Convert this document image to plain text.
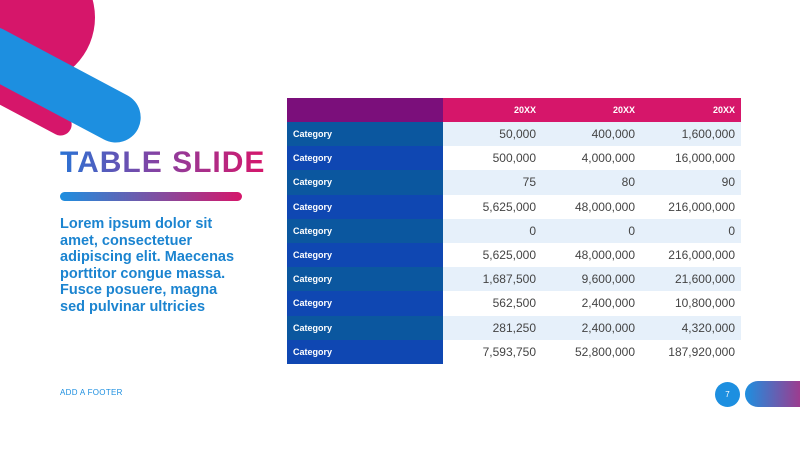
TABLE SLIDE

Lorem ipsum dolor sit amet, consectetuer adipiscing elit. Maecenas porttitor congue massa. Fusce posuere, magna sed pulvinar ultricies

	20XX	20XX	20XX
Category	50,000	400,000	1,600,000
Category	500,000	4,000,000	16,000,000
Category	75	80	90
Category	5,625,000	48,000,000	216,000,000
Category	0	0	0
Category	5,625,000	48,000,000	216,000,000
Category	1,687,500	9,600,000	21,600,000
Category	562,500	2,400,000	10,800,000
Category	281,250	2,400,000	4,320,000
Category	7,593,750	52,800,000	187,920,000
ADD A FOOTER	7
